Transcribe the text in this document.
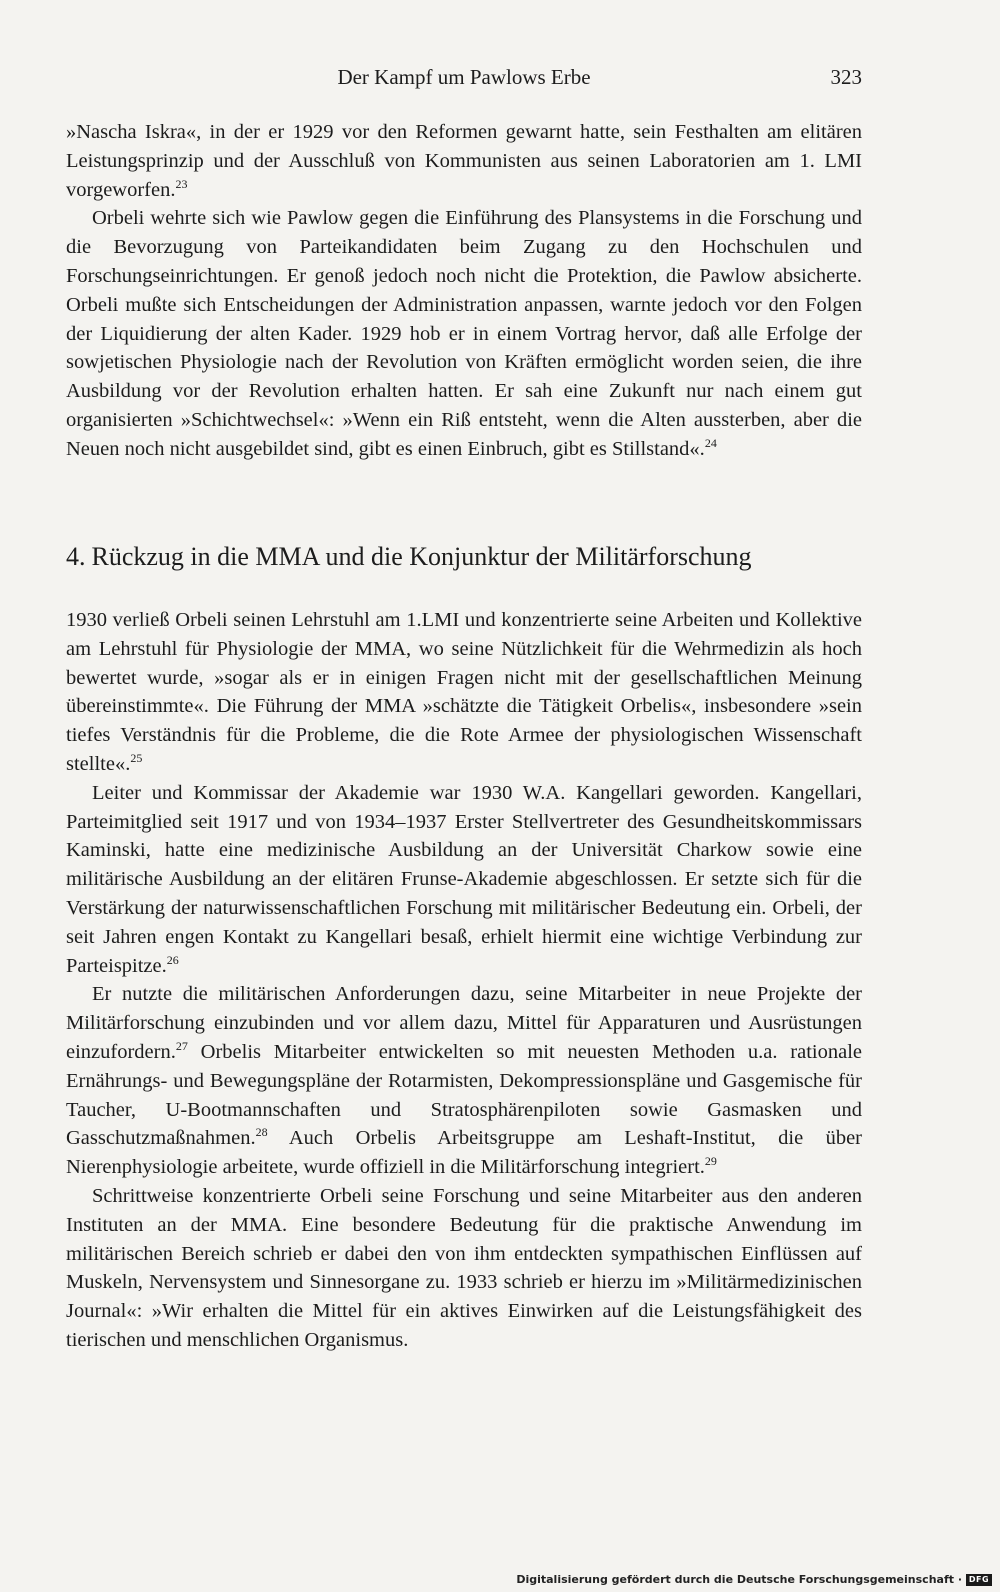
Der Kampf um Pawlows Erbe	323

»Nascha Iskra«, in der er 1929 vor den Reformen gewarnt hatte, sein Festhalten am elitären Leistungsprinzip und der Ausschluß von Kommunisten aus seinen Laboratorien am 1. LMI vorgeworfen.$^{23}$

Orbeli wehrte sich wie Pawlow gegen die Einführung des Plansystems in die Forschung und die Bevorzugung von Parteikandidaten beim Zugang zu den Hochschulen und Forschungseinrichtungen. Er genoß jedoch noch nicht die Protektion, die Pawlow absicherte. Orbeli mußte sich Entscheidungen der Administration anpassen, warnte jedoch vor den Folgen der Liquidierung der alten Kader. 1929 hob er in einem Vortrag hervor, daß alle Erfolge der sowjetischen Physiologie nach der Revolution von Kräften ermöglicht worden seien, die ihre Ausbildung vor der Revolution erhalten hatten. Er sah eine Zukunft nur nach einem gut organisierten »Schichtwechsel«: »Wenn ein Riß entsteht, wenn die Alten aussterben, aber die Neuen noch nicht ausgebildet sind, gibt es einen Einbruch, gibt es Stillstand«.$^{24}$

4. Rückzug in die MMA und die Konjunktur der Militärforschung

1930 verließ Orbeli seinen Lehrstuhl am 1.LMI und konzentrierte seine Arbeiten und Kollektive am Lehrstuhl für Physiologie der MMA, wo seine Nützlichkeit für die Wehrmedizin als hoch bewertet wurde, »sogar als er in einigen Fragen nicht mit der gesellschaftlichen Meinung übereinstimmte«. Die Führung der MMA »schätzte die Tätigkeit Orbelis«, insbesondere »sein tiefes Verständnis für die Probleme, die die Rote Armee der physiologischen Wissenschaft stellte«.$^{25}$

Leiter und Kommissar der Akademie war 1930 W.A. Kangellari geworden. Kangellari, Parteimitglied seit 1917 und von 1934–1937 Erster Stellvertreter des Gesundheitskommissars Kaminski, hatte eine medizinische Ausbildung an der Universität Charkow sowie eine militärische Ausbildung an der elitären Frunse-Akademie abgeschlossen. Er setzte sich für die Verstärkung der naturwissenschaftlichen Forschung mit militärischer Bedeutung ein. Orbeli, der seit Jahren engen Kontakt zu Kangellari besaß, erhielt hiermit eine wichtige Verbindung zur Parteispitze.$^{26}$

Er nutzte die militärischen Anforderungen dazu, seine Mitarbeiter in neue Projekte der Militärforschung einzubinden und vor allem dazu, Mittel für Apparaturen und Ausrüstungen einzufordern.$^{27}$ Orbelis Mitarbeiter entwickelten so mit neuesten Methoden u.a. rationale Ernährungs- und Bewegungspläne der Rotarmisten, Dekompressionspläne und Gasgemische für Taucher, U-Bootmannschaften und Stratosphärenpiloten sowie Gasmasken und Gasschutzmaßnahmen.$^{28}$ Auch Orbelis Arbeitsgruppe am Leshaft-Institut, die über Nierenphysiologie arbeitete, wurde offiziell in die Militärforschung integriert.$^{29}$

Schrittweise konzentrierte Orbeli seine Forschung und seine Mitarbeiter aus den anderen Instituten an der MMA. Eine besondere Bedeutung für die praktische Anwendung im militärischen Bereich schrieb er dabei den von ihm entdeckten sympathischen Einflüssen auf Muskeln, Nervensystem und Sinnesorgane zu. 1933 schrieb er hierzu im »Militärmedizinischen Journal«: »Wir erhalten die Mittel für ein aktives Einwirken auf die Leistungsfähigkeit des tierischen und menschlichen Organismus.

Digitalisierung gefördert durch die Deutsche Forschungsgemeinschaft · DFG
